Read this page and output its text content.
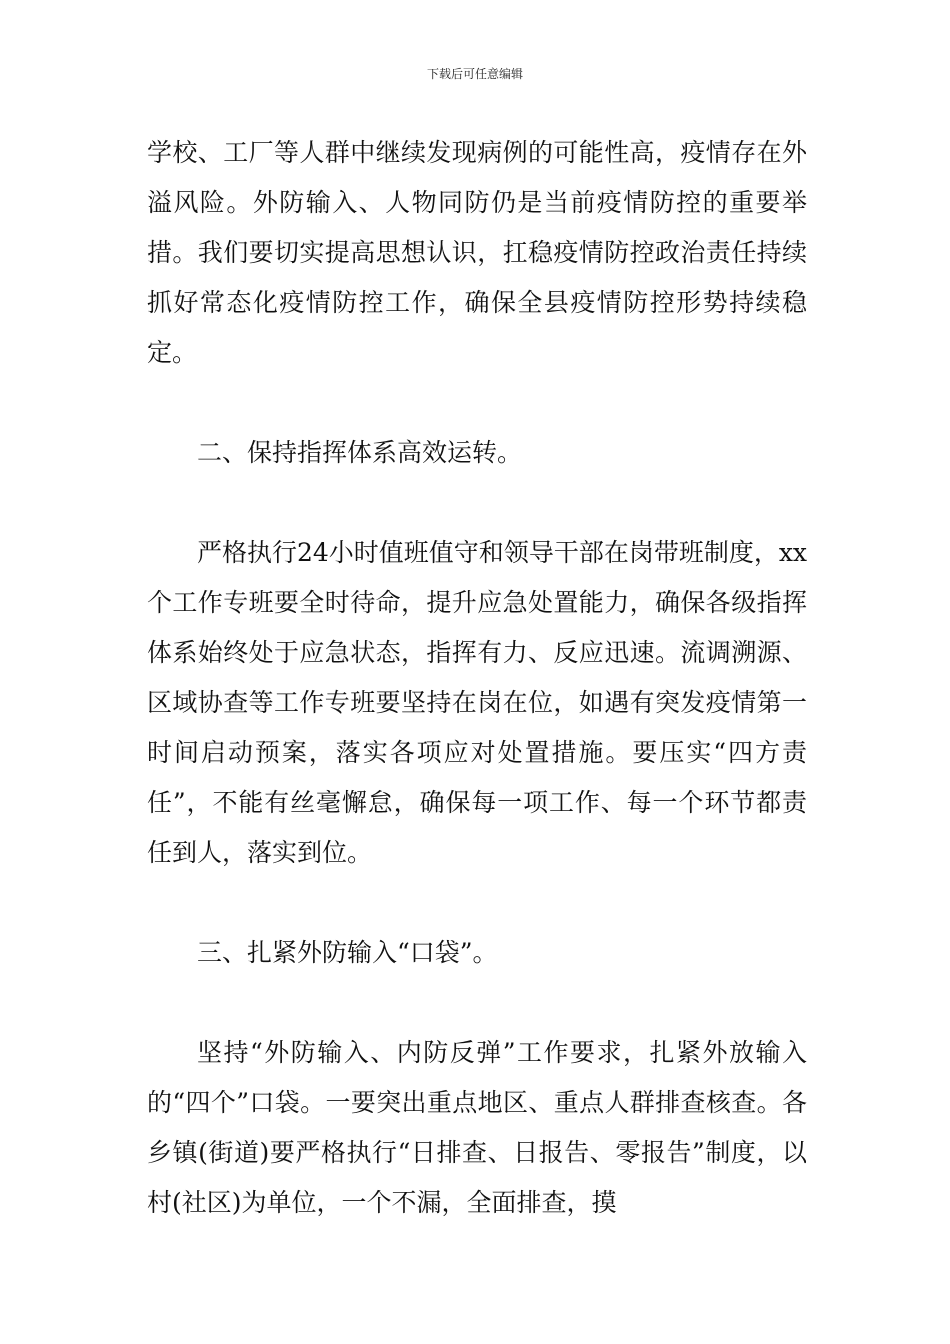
下载后可任意编辑

学校、工厂等人群中继续发现病例的可能性高，疫情存在外溢风险。外防输入、人物同防仍是当前疫情防控的重要举措。我们要切实提高思想认识，扛稳疫情防控政治责任持续抓好常态化疫情防控工作，确保全县疫情防控形势持续稳定。

二、保持指挥体系高效运转。

严格执行24小时值班值守和领导干部在岗带班制度，xx个工作专班要全时待命，提升应急处置能力，确保各级指挥体系始终处于应急状态，指挥有力、反应迅速。流调溯源、区域协查等工作专班要坚持在岗在位，如遇有突发疫情第一时间启动预案，落实各项应对处置措施。要压实“四方责任”，不能有丝毫懈怠，确保每一项工作、每一个环节都责任到人，落实到位。

三、扎紧外防输入“口袋”。

坚持“外防输入、内防反弹”工作要求，扎紧外放输入的“四个”口袋。一要突出重点地区、重点人群排查核查。各乡镇(街道)要严格执行“日排查、日报告、零报告”制度，以村(社区)为单位，一个不漏，全面排查，摸
